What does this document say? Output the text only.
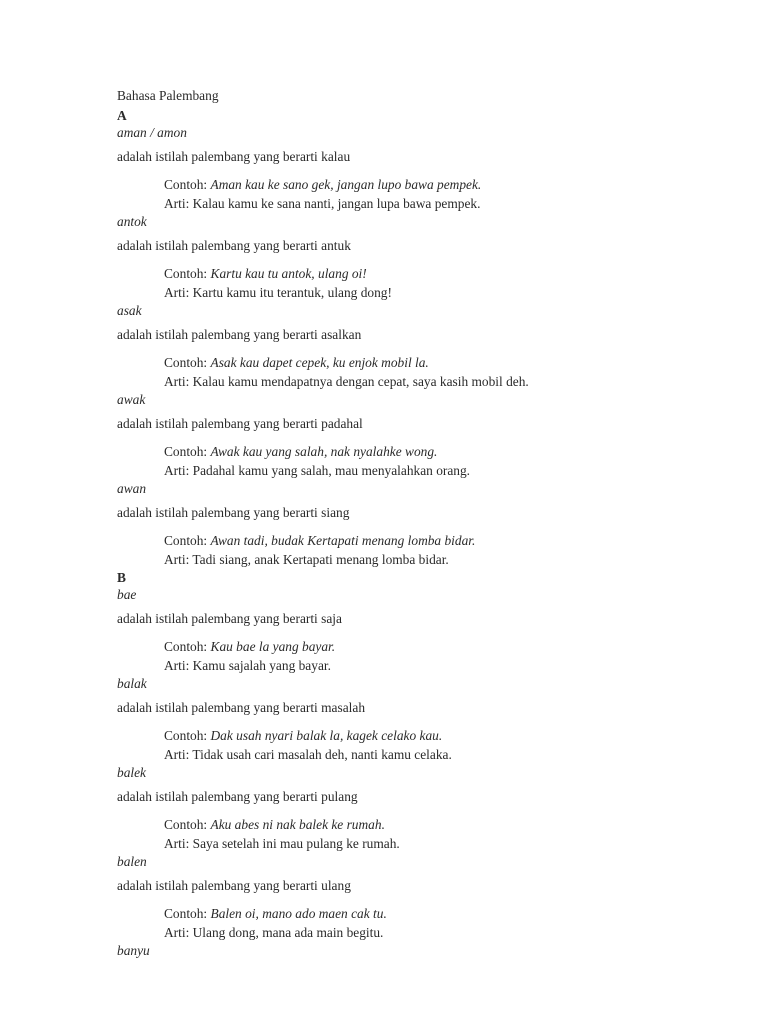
Bahasa Palembang
A
aman / amon
adalah istilah palembang yang berarti kalau
Contoh: Aman kau ke sano gek, jangan lupo bawa pempek.
Arti: Kalau kamu ke sana nanti, jangan lupa bawa pempek.
antok
adalah istilah palembang yang berarti antuk
Contoh: Kartu kau tu antok, ulang oi!
Arti: Kartu kamu itu terantuk, ulang dong!
asak
adalah istilah palembang yang berarti asalkan
Contoh: Asak kau dapet cepek, ku enjok mobil la.
Arti: Kalau kamu mendapatnya dengan cepat, saya kasih mobil deh.
awak
adalah istilah palembang yang berarti padahal
Contoh: Awak kau yang salah, nak nyalahke wong.
Arti: Padahal kamu yang salah, mau menyalahkan orang.
awan
adalah istilah palembang yang berarti siang
Contoh: Awan tadi, budak Kertapati menang lomba bidar.
Arti: Tadi siang, anak Kertapati menang lomba bidar.
B
bae
adalah istilah palembang yang berarti saja
Contoh: Kau bae la yang bayar.
Arti: Kamu sajalah yang bayar.
balak
adalah istilah palembang yang berarti masalah
Contoh: Dak usah nyari balak la, kagek celako kau.
Arti: Tidak usah cari masalah deh, nanti kamu celaka.
balek
adalah istilah palembang yang berarti pulang
Contoh: Aku abes ni nak balek ke rumah.
Arti: Saya setelah ini mau pulang ke rumah.
balen
adalah istilah palembang yang berarti ulang
Contoh: Balen oi, mano ado maen cak tu.
Arti: Ulang dong, mana ada main begitu.
banyu
